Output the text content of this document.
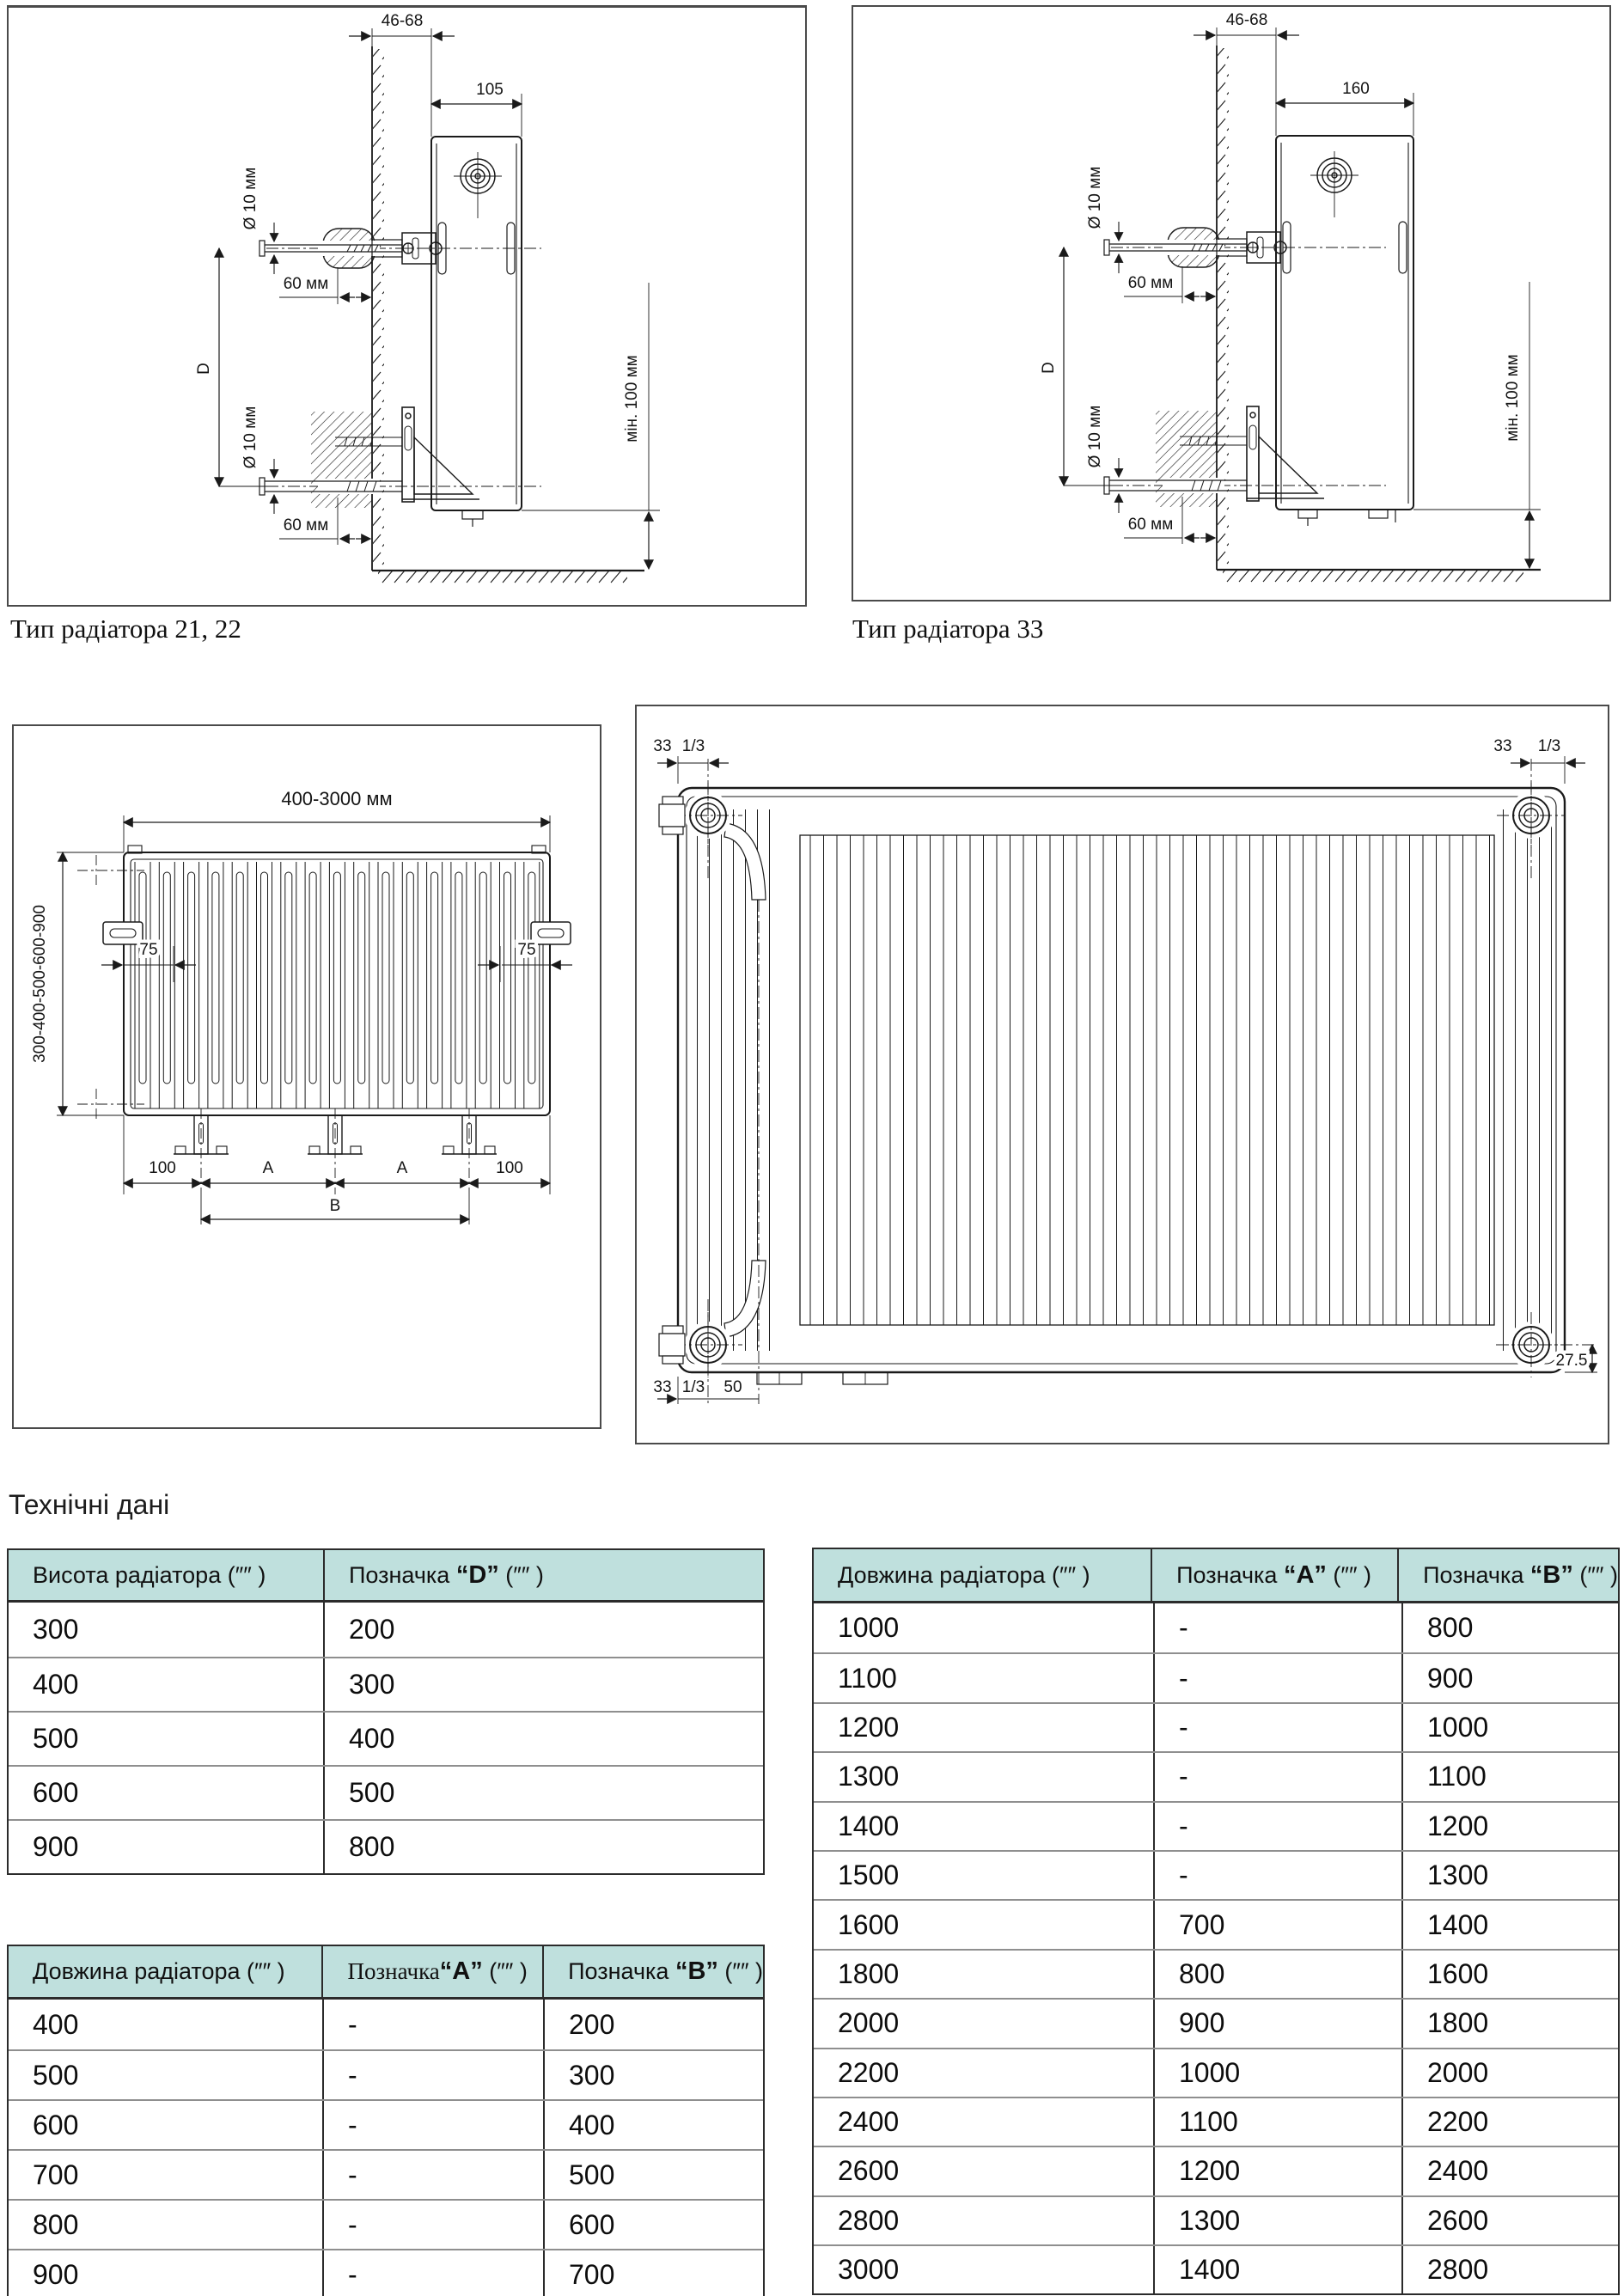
46-68
105
Ø 10 мм
Ø 10 мм
60 мм
60 мм
D	мін. 100 мм
46-68
160
Ø 10 мм
Ø 10 мм
60 мм
60 мм
D	мін. 100 мм
Тип радіатора 21, 22	Тип радіатора 33
400-3000 мм
300-400-500-600-900	75	75
100	A	A	100
B
33 1/3	33 1/3
33 1/3 50
27.5
Технічні дані
Висота радіатора (″″ )	Позначка “D” (″″ )
300	200
400	300
500	400
600	500
900	800
Довжина радіатора (″″ )	Позначка “A” (″″ ) Позначка “B” (″″ )
400	-	200
500	-	300
600	-	400
700	-	500
800	-	600
900	-	700
Довжина радіатора (″″ )	Позначка “A” (″″ ) Позначка “B” (″″ )
1000	-	800
1100	-	900
1200	-	1000
1300	-	1100
1400	-	1200
1500	-	1300
1600	700	1400
1800	800	1600
2000	900	1800
2200	1000	2000
2400	1100	2200
2600	1200	2400
2800	1300	2600
3000	1400	2800
